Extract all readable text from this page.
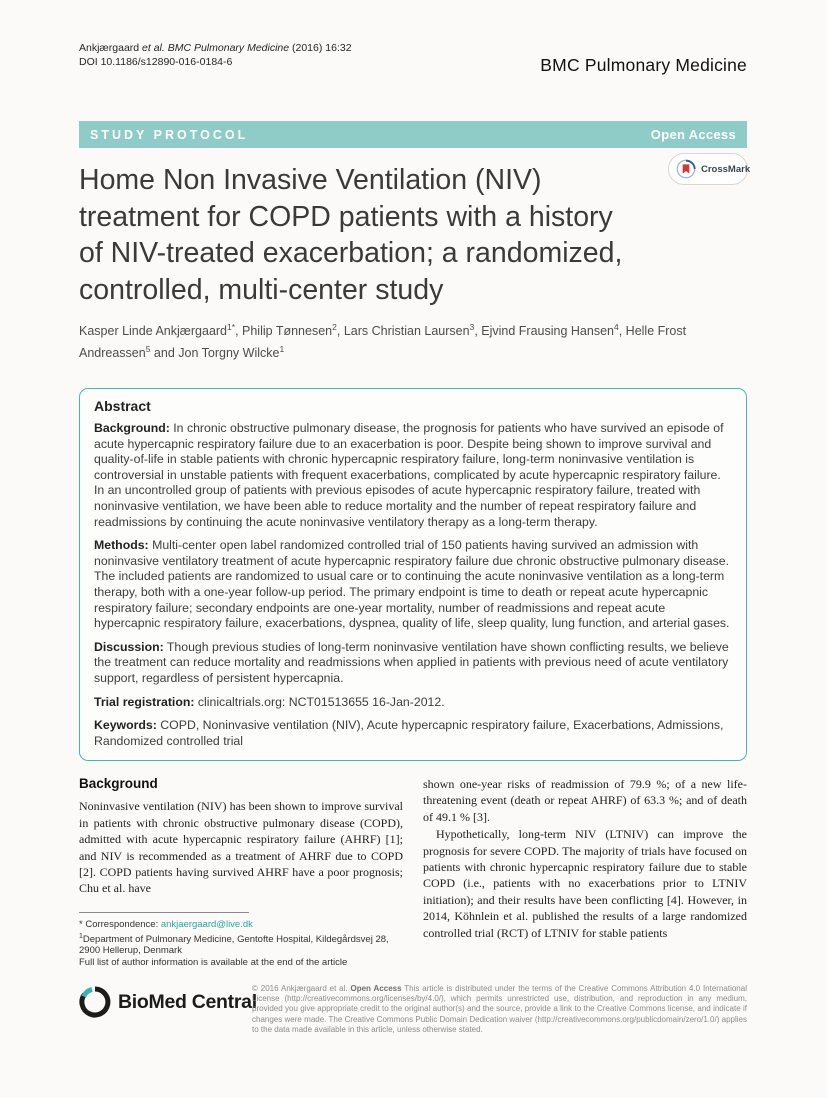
Ankjærgaard et al. BMC Pulmonary Medicine (2016) 16:32
DOI 10.1186/s12890-016-0184-6	BMC Pulmonary Medicine
STUDY PROTOCOL	Open Access
CrossMark
Home Non Invasive Ventilation (NIV)
treatment for COPD patients with a history
of NIV-treated exacerbation; a randomized,
controlled, multi-center study
Kasper Linde Ankjærgaard$^{1*}$, Philip Tønnesen$^2$, Lars Christian Laursen$^3$, Ejvind Frausing Hansen$^4$, Helle Frost Andreassen$^5$ and Jon Torgny Wilcke$^1$
Abstract

Background: In chronic obstructive pulmonary disease, the prognosis for patients who have survived an episode of acute hypercapnic respiratory failure due to an exacerbation is poor. Despite being shown to improve survival and quality-of-life in stable patients with chronic hypercapnic respiratory failure, long-term noninvasive ventilation is controversial in unstable patients with frequent exacerbations, complicated by acute hypercapnic respiratory failure. In an uncontrolled group of patients with previous episodes of acute hypercapnic respiratory failure, treated with noninvasive ventilation, we have been able to reduce mortality and the number of repeat respiratory failure and readmissions by continuing the acute noninvasive ventilatory therapy as a long-term therapy.

Methods: Multi-center open label randomized controlled trial of 150 patients having survived an admission with noninvasive ventilatory treatment of acute hypercapnic respiratory failure due chronic obstructive pulmonary disease. The included patients are randomized to usual care or to continuing the acute noninvasive ventilation as a long-term therapy, both with a one-year follow-up period. The primary endpoint is time to death or repeat acute hypercapnic respiratory failure; secondary endpoints are one-year mortality, number of readmissions and repeat acute hypercapnic respiratory failure, exacerbations, dyspnea, quality of life, sleep quality, lung function, and arterial gases.

Discussion: Though previous studies of long-term noninvasive ventilation have shown conflicting results, we believe the treatment can reduce mortality and readmissions when applied in patients with previous need of acute ventilatory support, regardless of persistent hypercapnia.

Trial registration: clinicaltrials.org: NCT01513655 16-Jan-2012.

Keywords: COPD, Noninvasive ventilation (NIV), Acute hypercapnic respiratory failure, Exacerbations, Admissions, Randomized controlled trial

Background

Noninvasive ventilation (NIV) has been shown to improve survival in patients with chronic obstructive pulmonary disease (COPD), admitted with acute hypercapnic respiratory failure (AHRF) [1]; and NIV is recommended as a treatment of AHRF due to COPD [2]. COPD patients having survived AHRF have a poor prognosis; Chu et al. have

shown one-year risks of readmission of 79.9 %; of a new life-threatening event (death or repeat AHRF) of 63.3 %; and of death of 49.1 % [3].

Hypothetically, long-term NIV (LTNIV) can improve the prognosis for severe COPD. The majority of trials have focused on patients with chronic hypercapnic respiratory failure due to stable COPD (i.e., patients with no exacerbations prior to LTNIV initiation); and their results have been conflicting [4]. However, in 2014, Köhnlein et al. published the results of a large randomized controlled trial (RCT) of LTNIV for stable patients

* Correspondence: ankjaergaard@live.dk
$^1$Department of Pulmonary Medicine, Gentofte Hospital, Kildegårdsvej 28, 2900 Hellerup, Denmark
Full list of author information is available at the end of the article
BioMed Central
© 2016 Ankjærgaard et al. Open Access This article is distributed under the terms of the Creative Commons Attribution 4.0 International License (http://creativecommons.org/licenses/by/4.0/), which permits unrestricted use, distribution, and reproduction in any medium, provided you give appropriate credit to the original author(s) and the source, provide a link to the Creative Commons license, and indicate if changes were made. The Creative Commons Public Domain Dedication waiver (http://creativecommons.org/publicdomain/zero/1.0/) applies to the data made available in this article, unless otherwise stated.
